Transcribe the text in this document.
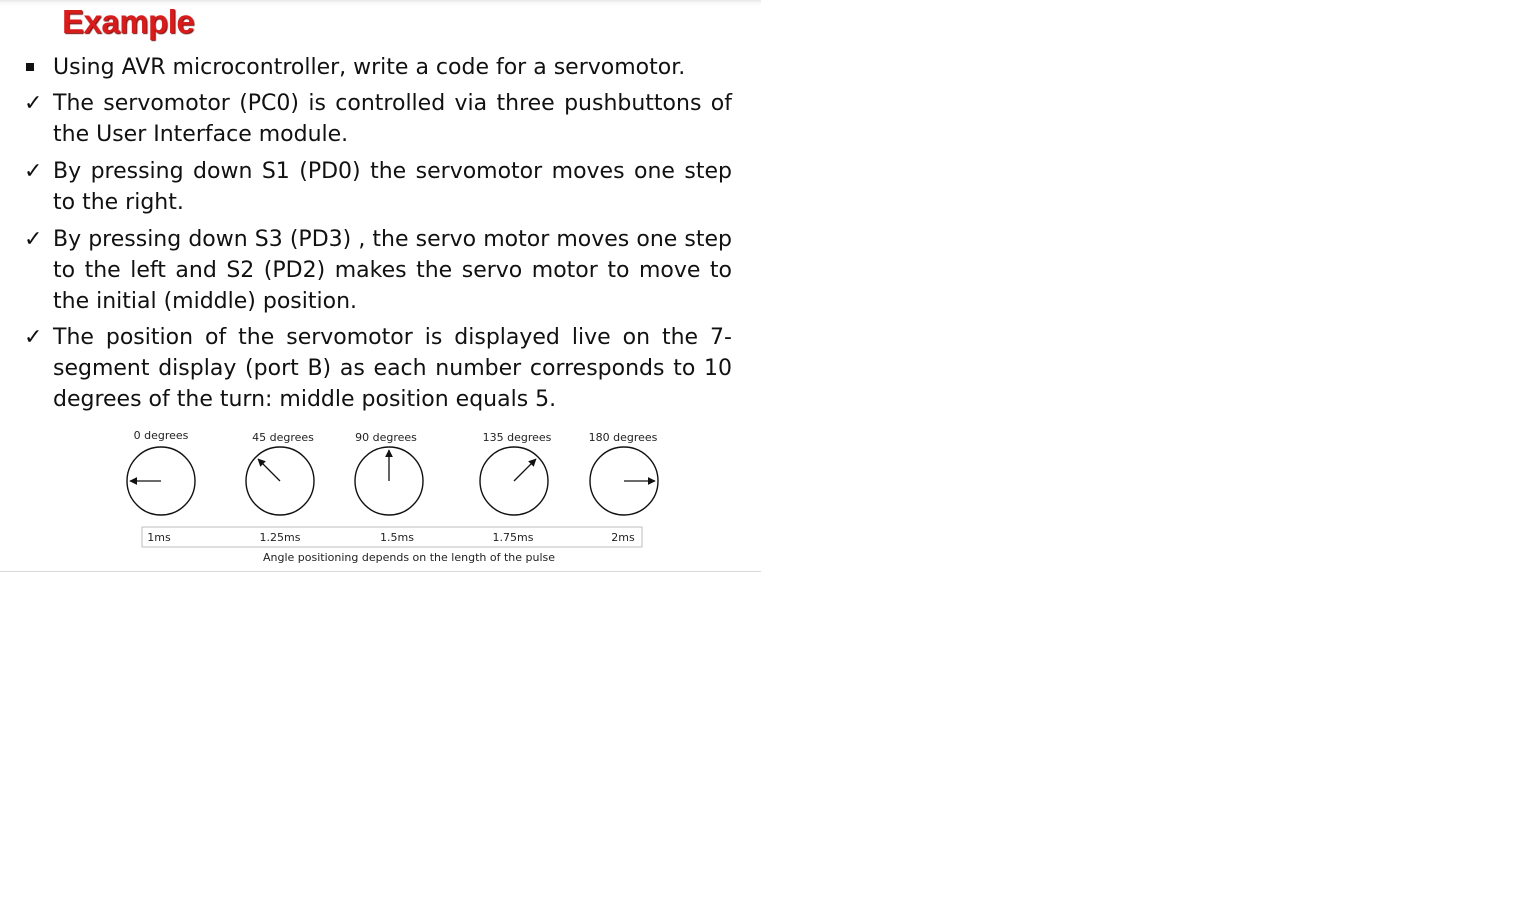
Example
Using AVR microcontroller, write a code for a servomotor.
✓ The servomotor (PC0) is controlled via three pushbuttons of the User Interface module.
✓ By pressing down S1 (PD0) the servomotor moves one step to the right.
✓ By pressing down S3 (PD3) , the servo motor moves one step to the left and S2 (PD2) makes the servo motor to move to the initial (middle) position.
✓ The position of the servomotor is displayed live on the 7-segment display (port B) as each number corresponds to 10 degrees of the turn: middle position equals 5.
0 degrees	45 degrees	90 degrees	135 degrees	180 degrees
1ms	1.25ms	1.5ms	1.75ms	2ms
Angle positioning depends on the length of the pulse
